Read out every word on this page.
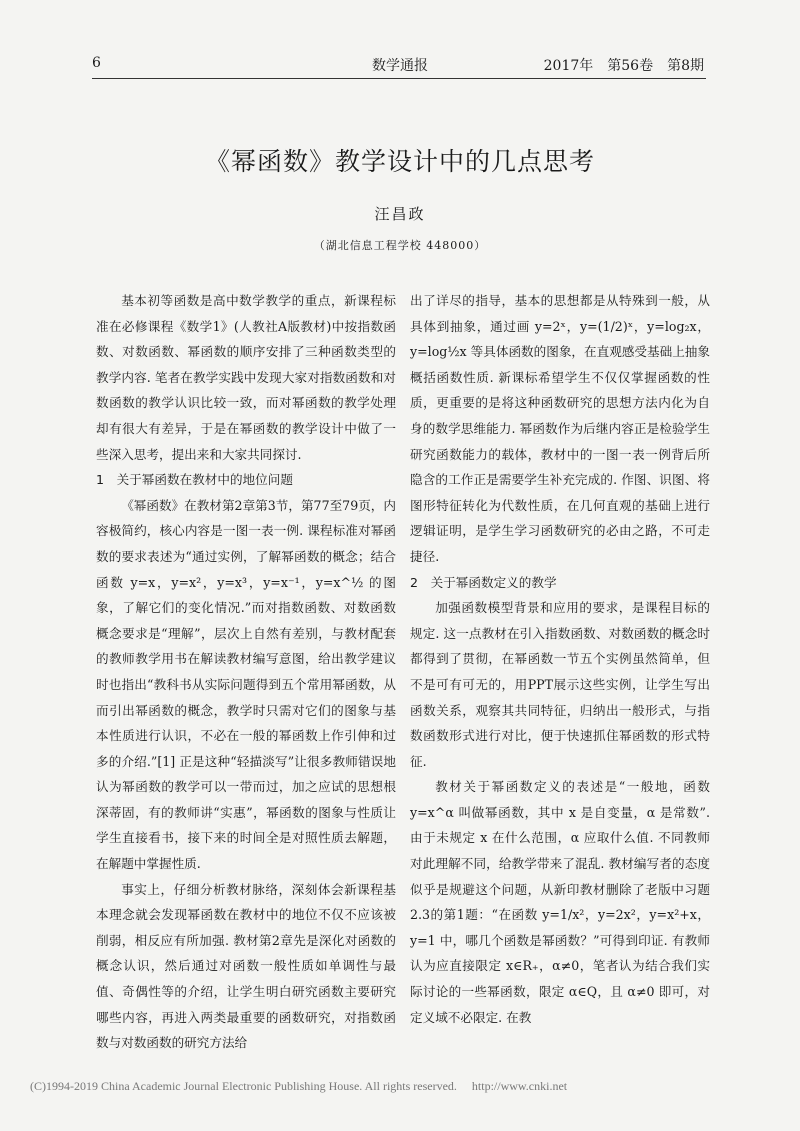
6	数学通报	2017年　第56卷　第8期
《幂函数》教学设计中的几点思考
汪昌政
（湖北信息工程学校 448000）

基本初等函数是高中数学教学的重点，新课程标准在必修课程《数学1》(人教社A版教材)中按指数函数、对数函数、幂函数的顺序安排了三种函数类型的教学内容. 笔者在教学实践中发现大家对指数函数和对数函数的教学认识比较一致，而对幂函数的教学处理却有很大有差异，于是在幂函数的教学设计中做了一些深入思考，提出来和大家共同探讨.

1　关于幂函数在教材中的地位问题

《幂函数》在教材第2章第3节，第77至79页，内容极简约，核心内容是一图一表一例. 课程标准对幂函数的要求表述为“通过实例，了解幂函数的概念；结合函数 y=x，y=x²，y=x³，y=x⁻¹，y=x^½ 的图象，了解它们的变化情况.”而对指数函数、对数函数概念要求是“理解”，层次上自然有差别，与教材配套的教师教学用书在解读教材编写意图，给出教学建议时也指出“教科书从实际问题得到五个常用幂函数，从而引出幂函数的概念，教学时只需对它们的图象与基本性质进行认识，不必在一般的幂函数上作引伸和过多的介绍.”[1] 正是这种“轻描淡写”让很多教师错误地认为幂函数的教学可以一带而过，加之应试的思想根深蒂固，有的教师讲“实惠”，幂函数的图象与性质让学生直接看书，接下来的时间全是对照性质去解题，在解题中掌握性质.

事实上，仔细分析教材脉络，深刻体会新课程基本理念就会发现幂函数在教材中的地位不仅不应该被削弱，相反应有所加强. 教材第2章先是深化对函数的概念认识，然后通过对函数一般性质如单调性与最值、奇偶性等的介绍，让学生明白研究函数主要研究哪些内容，再进入两类最重要的函数研究，对指数函数与对数函数的研究方法给

出了详尽的指导，基本的思想都是从特殊到一般，从具体到抽象，通过画 y=2ˣ，y=(1/2)ˣ，y=log₂x，y=log½x 等具体函数的图象，在直观感受基础上抽象概括函数性质. 新课标希望学生不仅仅掌握函数的性质，更重要的是将这种函数研究的思想方法内化为自身的数学思维能力. 幂函数作为后继内容正是检验学生研究函数能力的载体，教材中的一图一表一例背后所隐含的工作正是需要学生补充完成的. 作图、识图、将图形特征转化为代数性质，在几何直观的基础上进行逻辑证明，是学生学习函数研究的必由之路，不可走捷径.

2　关于幂函数定义的教学

加强函数模型背景和应用的要求，是课程目标的规定. 这一点教材在引入指数函数、对数函数的概念时都得到了贯彻，在幂函数一节五个实例虽然简单，但不是可有可无的，用PPT展示这些实例，让学生写出函数关系，观察其共同特征，归纳出一般形式，与指数函数形式进行对比，便于快速抓住幂函数的形式特征.

教材关于幂函数定义的表述是“一般地，函数 y=x^α 叫做幂函数，其中 x 是自变量，α 是常数”. 由于未规定 x 在什么范围，α 应取什么值. 不同教师对此理解不同，给教学带来了混乱. 教材编写者的态度似乎是规避这个问题，从新印教材删除了老版中习题2.3的第1题：“在函数 y=1/x²，y=2x²，y=x²+x，y=1 中，哪几个函数是幂函数？”可得到印证. 有教师认为应直接限定 x∈R₊，α≠0，笔者认为结合我们实际讨论的一些幂函数，限定 α∈Q，且 α≠0 即可，对定义域不必限定. 在教

(C)1994-2019 China Academic Journal Electronic Publishing House. All rights reserved.　 http://www.cnki.net
